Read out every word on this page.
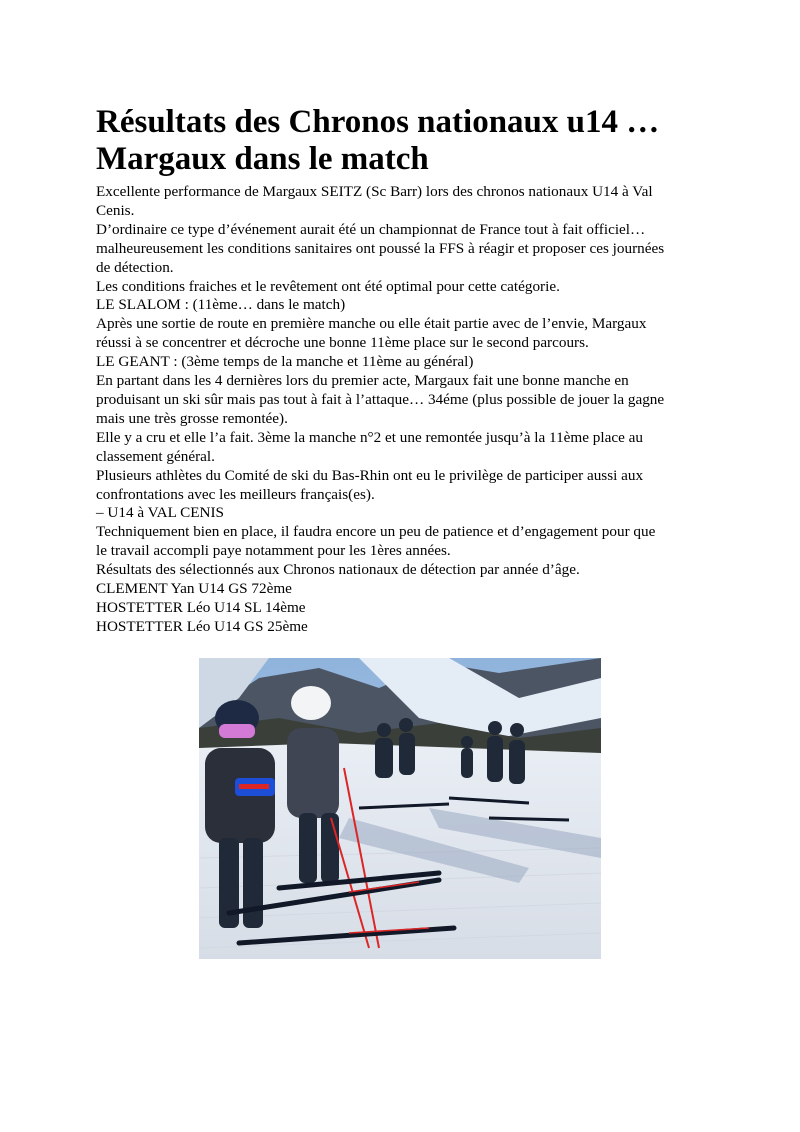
Résultats des Chronos nationaux u14 …
Margaux dans le match
Excellente performance de Margaux SEITZ (Sc Barr) lors des chronos nationaux U14 à Val
Cenis.
D’ordinaire ce type d’événement aurait été un championnat de France tout à fait officiel…
malheureusement les conditions sanitaires ont poussé la FFS à réagir et proposer ces journées
de détection.
Les conditions fraiches et le revêtement ont été optimal pour cette catégorie.
LE SLALOM : (11ème… dans le match)
Après une sortie de route en première manche ou elle était partie avec de l’envie, Margaux
réussi à se concentrer et décroche une bonne 11ème place sur le second parcours.
LE GEANT : (3ème temps de la manche et 11ème au général)
En partant dans les 4 dernières lors du premier acte, Margaux fait une bonne manche en
produisant un ski sûr mais pas tout à fait à l’attaque… 34éme (plus possible de jouer la gagne
mais une très grosse remontée).
Elle y a cru et elle l’a fait. 3ème la manche n°2 et une remontée jusqu’à la 11ème place au
classement général.
Plusieurs athlètes du Comité de ski du Bas-Rhin ont eu le privilège de participer aussi aux
confrontations avec les meilleurs français(es).
– U14 à VAL CENIS
Techniquement bien en place, il faudra encore un peu de patience et d’engagement pour que
le travail accompli paye notamment pour les 1ères années.
Résultats des sélectionnés aux Chronos nationaux de détection par année d’âge.
CLEMENT Yan U14 GS 72ème
HOSTETTER Léo U14 SL 14ème
HOSTETTER Léo U14 GS 25ème
